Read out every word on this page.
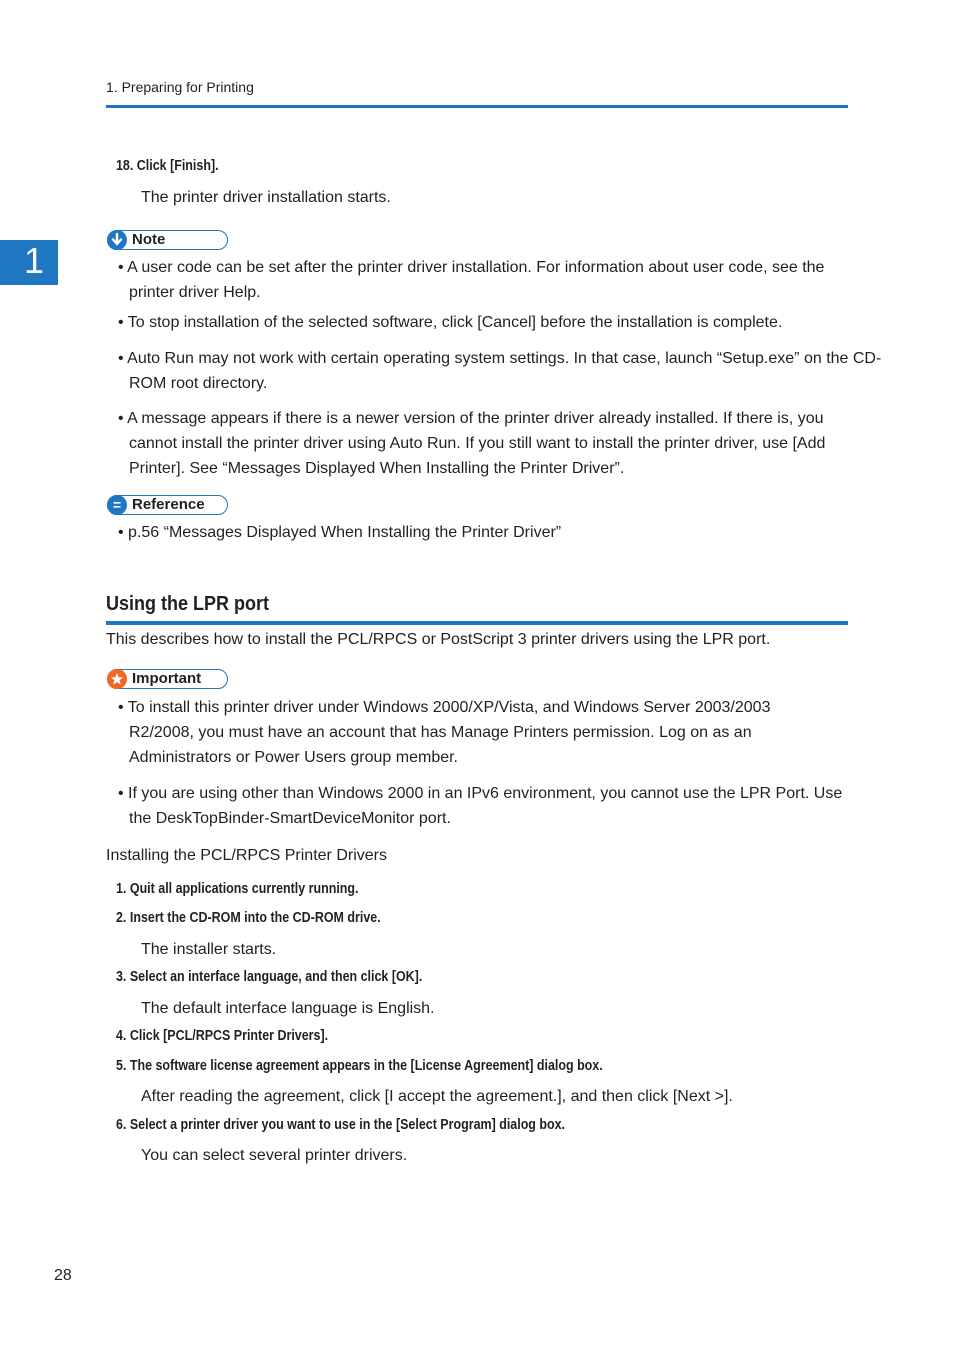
1. Preparing for Printing
1
18. Click [Finish].
The printer driver installation starts.
Note
• A user code can be set after the printer driver installation. For information about user code, see the printer driver Help.
• To stop installation of the selected software, click [Cancel] before the installation is complete.
• Auto Run may not work with certain operating system settings. In that case, launch “Setup.exe” on the CD-ROM root directory.
• A message appears if there is a newer version of the printer driver already installed. If there is, you cannot install the printer driver using Auto Run. If you still want to install the printer driver, use [Add Printer]. See “Messages Displayed When Installing the Printer Driver”.
Reference
• p.56 “Messages Displayed When Installing the Printer Driver”
Using the LPR port
This describes how to install the PCL/RPCS or PostScript 3 printer drivers using the LPR port.
Important
• To install this printer driver under Windows 2000/XP/Vista, and Windows Server 2003/2003 R2/2008, you must have an account that has Manage Printers permission. Log on as an Administrators or Power Users group member.
• If you are using other than Windows 2000 in an IPv6 environment, you cannot use the LPR Port. Use the DeskTopBinder-SmartDeviceMonitor port.
Installing the PCL/RPCS Printer Drivers
1. Quit all applications currently running.
2. Insert the CD-ROM into the CD-ROM drive.
The installer starts.
3. Select an interface language, and then click [OK].
The default interface language is English.
4. Click [PCL/RPCS Printer Drivers].
5. The software license agreement appears in the [License Agreement] dialog box.
After reading the agreement, click [I accept the agreement.], and then click [Next >].
6. Select a printer driver you want to use in the [Select Program] dialog box.
You can select several printer drivers.
28
